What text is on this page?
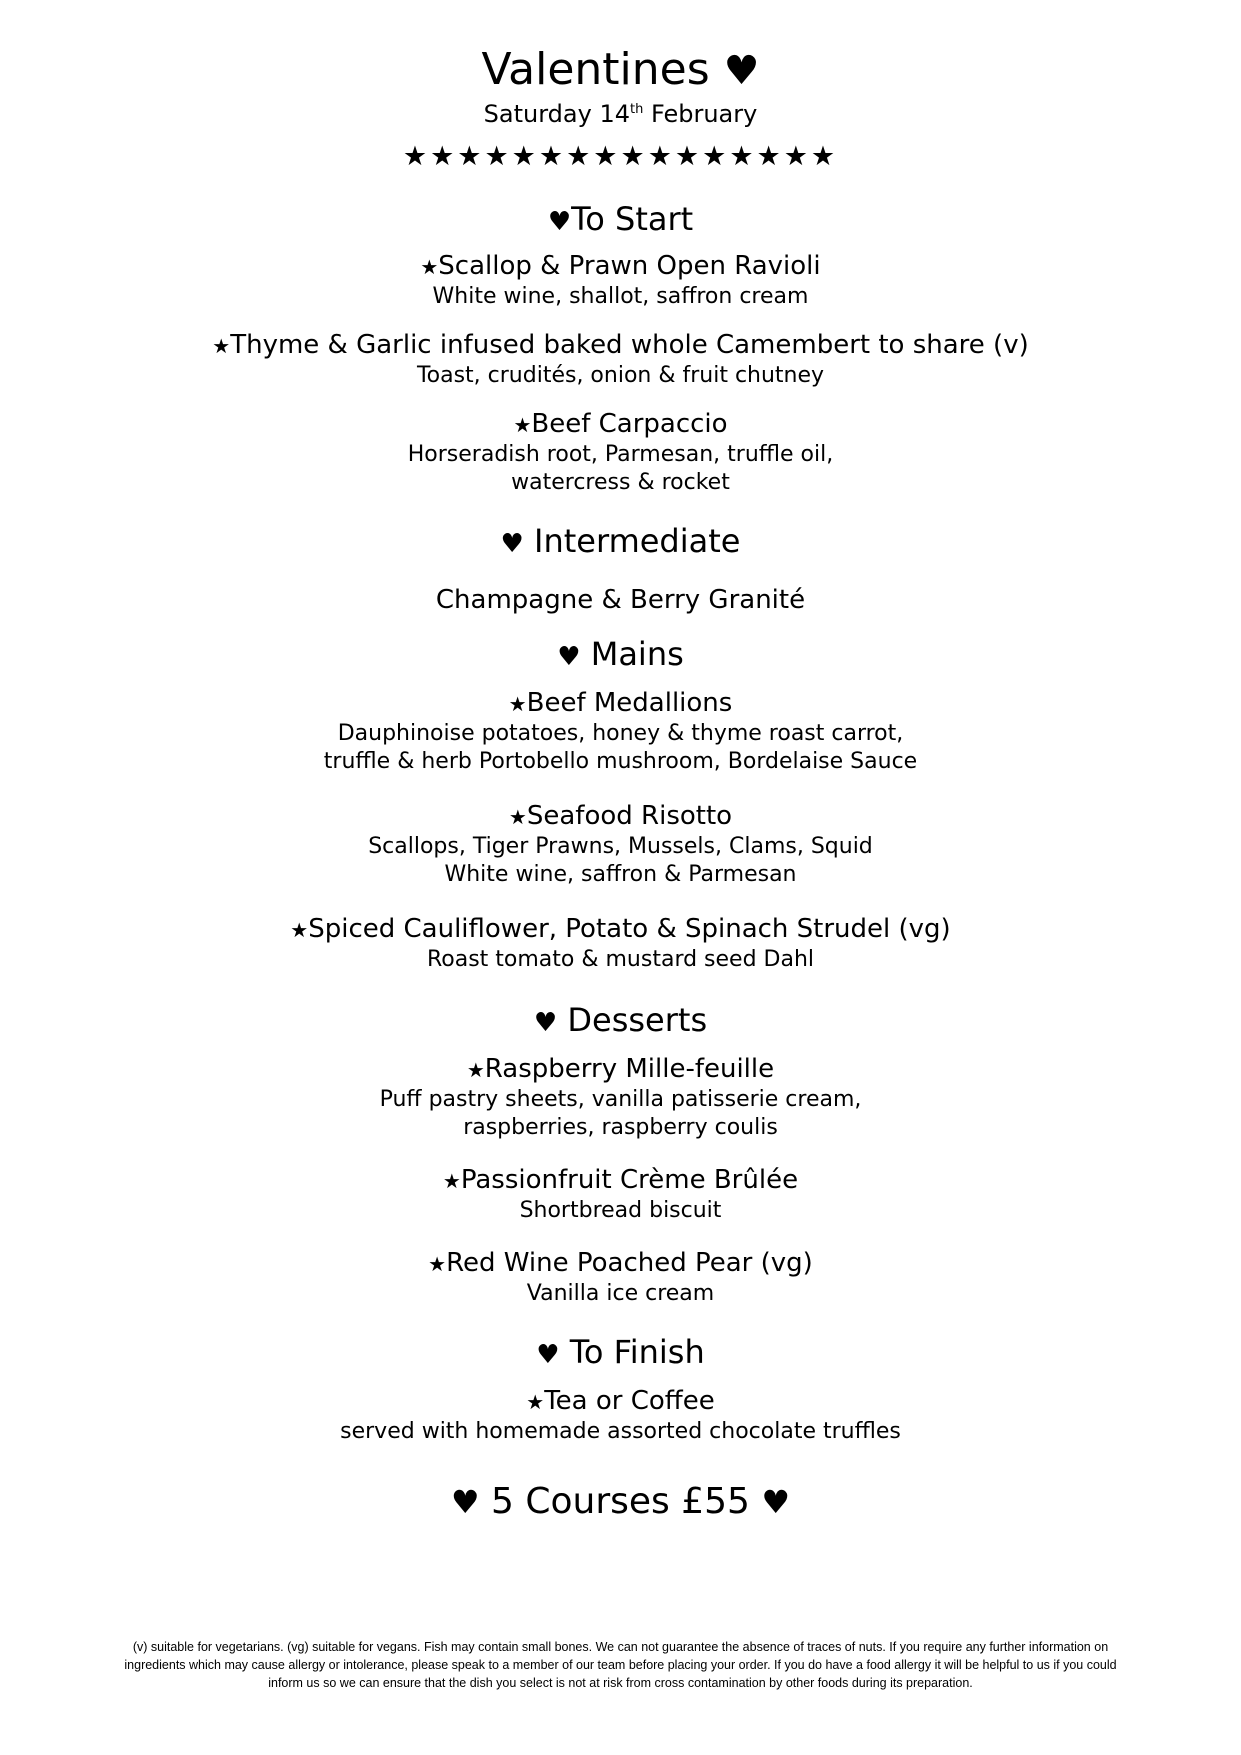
Valentines ♥
Saturday 14th February
★★★★★★★★★★★★★★★★
♥To Start
★Scallop & Prawn Open Ravioli
White wine, shallot, saffron cream
★Thyme & Garlic infused baked whole Camembert to share (v)
Toast, crudités, onion & fruit chutney
★Beef Carpaccio
Horseradish root, Parmesan, truffle oil,
watercress & rocket
♥ Intermediate
Champagne & Berry Granité
♥ Mains
★Beef Medallions
Dauphinoise potatoes, honey & thyme roast carrot,
truffle & herb Portobello mushroom, Bordelaise Sauce
★Seafood Risotto
Scallops, Tiger Prawns, Mussels, Clams, Squid
White wine, saffron & Parmesan
★Spiced Cauliflower, Potato & Spinach Strudel (vg)
Roast tomato & mustard seed Dahl
♥ Desserts
★Raspberry Mille-feuille
Puff pastry sheets, vanilla patisserie cream,
raspberries, raspberry coulis
★Passionfruit Crème Brûlée
Shortbread biscuit
★Red Wine Poached Pear (vg)
Vanilla ice cream
♥ To Finish
★Tea or Coffee
served with homemade assorted chocolate truffles
♥ 5 Courses £55 ♥
(v) suitable for vegetarians. (vg) suitable for vegans. Fish may contain small bones. We can not guarantee the absence of traces of nuts. If you require any further information on
ingredients which may cause allergy or intolerance, please speak to a member of our team before placing your order. If you do have a food allergy it will be helpful to us if you could
inform us so we can ensure that the dish you select is not at risk from cross contamination by other foods during its preparation.
